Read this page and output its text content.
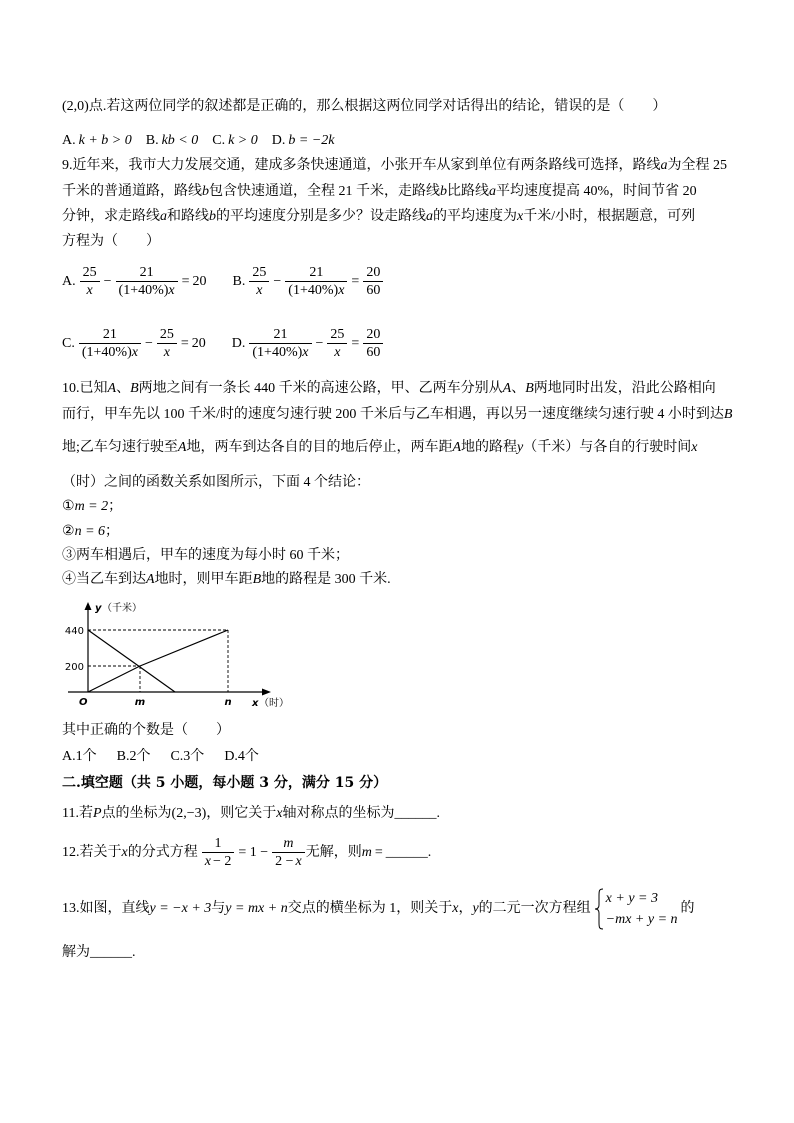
(2,0)点.若这两位同学的叙述都是正确的，那么根据这两位同学对话得出的结论，错误的是（　　）
A. k + b > 0 B. kb < 0 C. k > 0 D. b = −2k
9.近年来，我市大力发展交通，建成多条快速通道，小张开车从家到单位有两条路线可选择，路线a为全程 25
千米的普通道路，路线b包含快速通道，全程 21 千米，走路线b比路线a平均速度提高 40%，时间节省 20
分钟，求走路线a和路线b的平均速度分别是多少？设走路线a的平均速度为x千米/小时，根据题意，可列
方程为（　　）
A. $\frac{25}{x} - \frac{21}{(1+40\%)x} = 20$ B. $\frac{25}{x} - \frac{21}{(1+40\%)x} = \frac{20}{60}$
C. $\frac{21}{(1+40\%)x} - \frac{25}{x} = 20$ D. $\frac{21}{(1+40\%)x} - \frac{25}{x} = \frac{20}{60}$
10.已知A、B两地之间有一条长 440 千米的高速公路，甲、乙两车分别从A、B两地同时出发，沿此公路相向
而行，甲车先以 100 千米/时的速度匀速行驶 200 千米后与乙车相遇，再以另一速度继续匀速行驶 4 小时到达B
地;乙车匀速行驶至A地，两车到达各自的目的地后停止，两车距A地的路程y（千米）与各自的行驶时间x
（时）之间的函数关系如图所示，下面 4 个结论：
①m = 2；
②n = 6；
③两车相遇后，甲车的速度为每小时 60 千米；
④当乙车到达A地时，则甲车距B地的路程是 300 千米.
y （千米）
440
200
O	m	n x （时）
其中正确的个数是（　　）
A.1个 B.2个 C.3个 D.4个
二.填空题（共 5 小题，每小题 3 分，满分 15 分）
11.若P点的坐标为(2,−3)，则它关于x轴对称点的坐标为______.
12.若关于x的分式方程 $\frac{1}{x - 2} = 1 - \frac{m}{2 - x}$ 无解，则m = ______.
13.如图，直线y = −x + 3与y = mx + n交点的横坐标为 1，则关于x，y的二元一次方程组
x + y = 3
−mx + y = n
的
解为______.
